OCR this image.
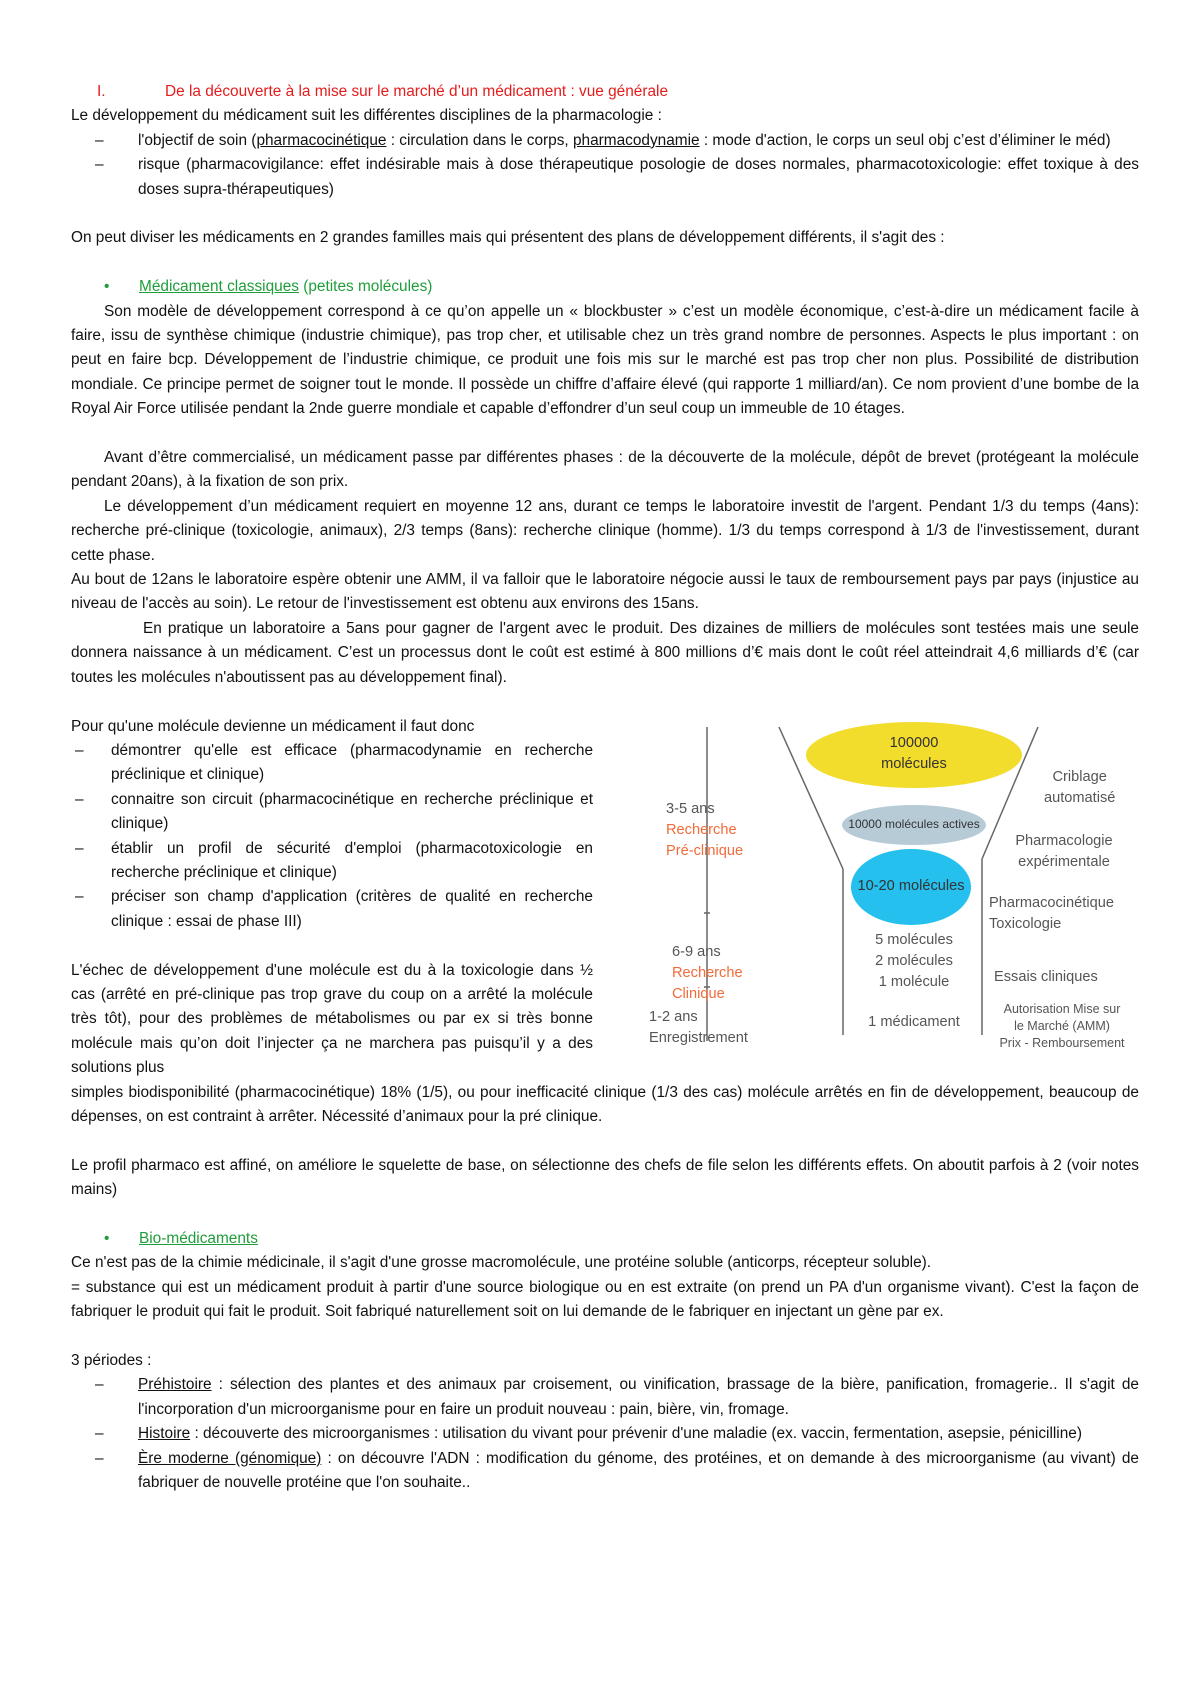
I.	De la découverte à la mise sur le marché d’un médicament : vue générale

Le développement du médicament suit les différentes disciplines de la pharmacologie :

– l'objectif de soin (pharmacocinétique : circulation dans le corps, pharmacodynamie : mode d'action, le corps un seul obj c’est d’éliminer le méd)
– risque (pharmacovigilance: effet indésirable mais à dose thérapeutique posologie de doses normales, pharmacotoxicologie: effet toxique à des doses supra-thérapeutiques)

On peut diviser les médicaments en 2 grandes familles mais qui présentent des plans de développement différents, il s'agit des :

• Médicament classiques (petites molécules)

Son modèle de développement correspond à ce qu’on appelle un « blockbuster » c’est un modèle économique, c’est-à-dire un médicament facile à faire, issu de synthèse chimique (industrie chimique), pas trop cher, et utilisable chez un très grand nombre de personnes. Aspects le plus important : on peut en faire bcp. Développement de l’industrie chimique, ce produit une fois mis sur le marché est pas trop cher non plus. Possibilité de distribution mondiale. Ce principe permet de soigner tout le monde. Il possède un chiffre d’affaire élevé (qui rapporte 1 milliard/an). Ce nom provient d’une bombe de la Royal Air Force utilisée pendant la 2nde guerre mondiale et capable d’effondrer d’un seul coup un immeuble de 10 étages.

Avant d’être commercialisé, un médicament passe par différentes phases : de la découverte de la molécule, dépôt de brevet (protégeant la molécule pendant 20ans), à la fixation de son prix.

Le développement d’un médicament requiert en moyenne 12 ans, durant ce temps le laboratoire investit de l'argent. Pendant 1/3 du temps (4ans): recherche pré-clinique (toxicologie, animaux), 2/3 temps (8ans): recherche clinique (homme). 1/3 du temps correspond à 1/3 de l'investissement, durant cette phase.

Au bout de 12ans le laboratoire espère obtenir une AMM, il va falloir que le laboratoire négocie aussi le taux de remboursement pays par pays (injustice au niveau de l'accès au soin). Le retour de l'investissement est obtenu aux environs des 15ans.

En pratique un laboratoire a 5ans pour gagner de l'argent avec le produit. Des dizaines de milliers de molécules sont testées mais une seule donnera naissance à un médicament. C’est un processus dont le coût est estimé à 800 millions d’€ mais dont le coût réel atteindrait 4,6 milliards d’€ (car toutes les molécules n'aboutissent pas au développement final).

Pour qu'une molécule devienne un médicament il faut donc

– démontrer qu'elle est efficace (pharmacodynamie en recherche préclinique et clinique)
– connaitre son circuit (pharmacocinétique en recherche préclinique et clinique)
– établir un profil de sécurité d'emploi (pharmacotoxicologie en recherche préclinique et clinique)
– préciser son champ d'application (critères de qualité en recherche clinique : essai de phase III)

L'échec de développement d'une molécule est du à la toxicologie dans ½ cas (arrêté en pré-clinique pas trop grave du coup on a arrêté la molécule très tôt), pour des problèmes de métabolismes ou par ex si très bonne molécule mais qu’on doit l’injecter ça ne marchera pas puisqu’il y a des solutions plus

100000
molécules
10000 molécules actives
10-20 molécules
5 molécules
2 molécules
1 molécule
1 médicament
3-5 ans
Recherche
Pré-clinique
6-9 ans
Recherche
Clinique
1-2 ans
Enregistrement
Criblage
automatisé
Pharmacologie
expérimentale
Pharmacocinétique
Toxicologie
Essais cliniques
Autorisation Mise sur
le Marché (AMM)
Prix - Remboursement

simples biodisponibilité (pharmacocinétique) 18% (1/5), ou pour inefficacité clinique (1/3 des cas) molécule arrêtés en fin de développement, beaucoup de dépenses, on est contraint à arrêter. Nécessité d’animaux pour la pré clinique.

Le profil pharmaco est affiné, on améliore le squelette de base, on sélectionne des chefs de file selon les différents effets. On aboutit parfois à 2 (voir notes mains)

• Bio-médicaments

Ce n'est pas de la chimie médicinale, il s'agit d'une grosse macromolécule, une protéine soluble (anticorps, récepteur soluble).

= substance qui est un médicament produit à partir d'une source biologique ou en est extraite (on prend un PA d'un organisme vivant). C'est la façon de fabriquer le produit qui fait le produit. Soit fabriqué naturellement soit on lui demande de le fabriquer en injectant un gène par ex.

3 périodes :

– Préhistoire : sélection des plantes et des animaux par croisement, ou vinification, brassage de la bière, panification, fromagerie.. Il s'agit de l'incorporation d'un microorganisme pour en faire un produit nouveau : pain, bière, vin, fromage.
– Histoire : découverte des microorganismes : utilisation du vivant pour prévenir d'une maladie (ex. vaccin, fermentation, asepsie, pénicilline)
– Ère moderne (génomique) : on découvre l'ADN : modification du génome, des protéines, et on demande à des microorganisme (au vivant) de fabriquer de nouvelle protéine que l'on souhaite..
